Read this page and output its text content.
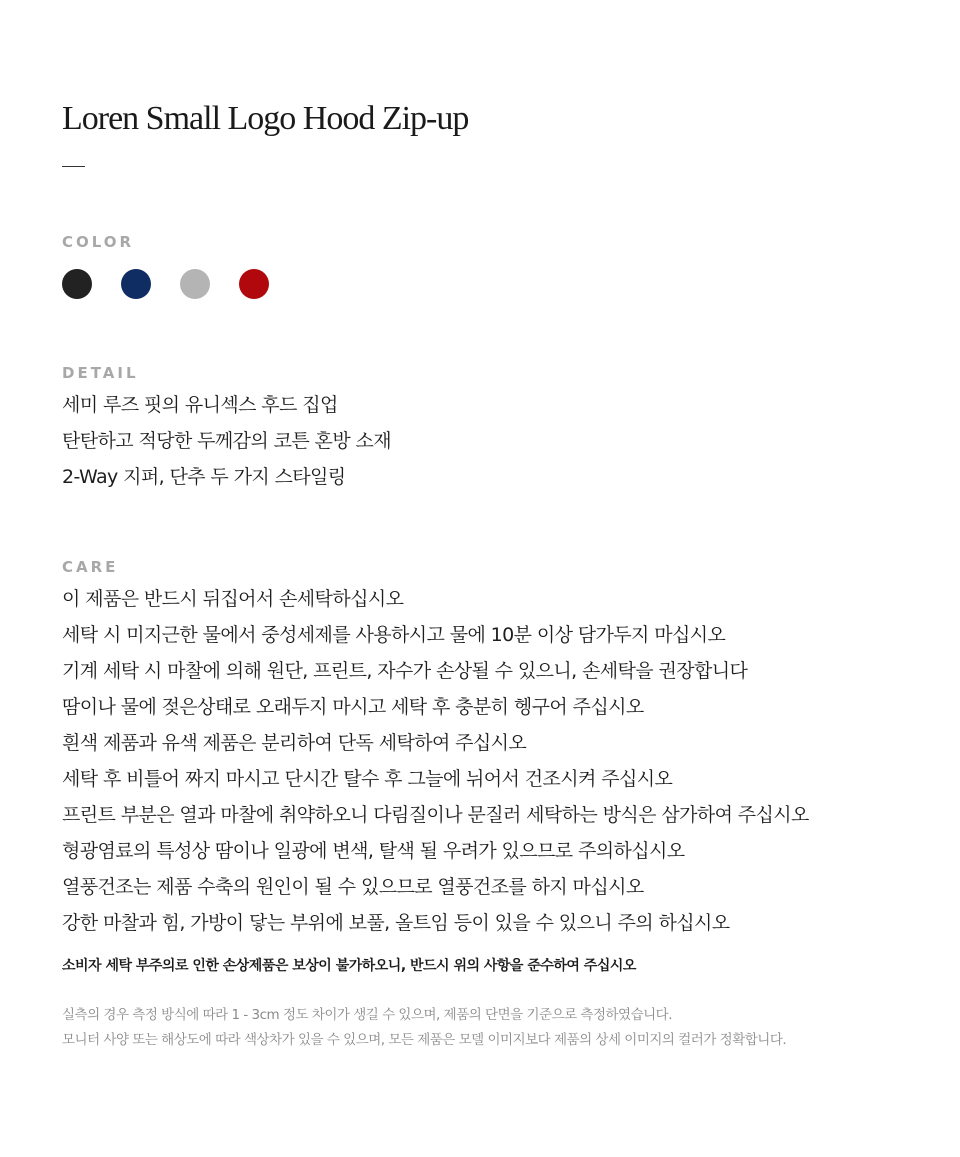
Loren Small Logo Hood Zip-up
COLOR
DETAIL
세미 루즈 핏의 유니섹스 후드 집업
탄탄하고 적당한 두께감의 코튼 혼방 소재
2-Way 지퍼, 단추 두 가지 스타일링
CARE
이 제품은 반드시 뒤집어서 손세탁하십시오
세탁 시 미지근한 물에서 중성세제를 사용하시고 물에 10분 이상 담가두지 마십시오
기계 세탁 시 마찰에 의해 원단, 프린트, 자수가 손상될 수 있으니, 손세탁을 권장합니다
땀이나 물에 젖은상태로 오래두지 마시고 세탁 후 충분히 헹구어 주십시오
흰색 제품과 유색 제품은 분리하여 단독 세탁하여 주십시오
세탁 후 비틀어 짜지 마시고 단시간 탈수 후 그늘에 뉘어서 건조시켜 주십시오
프린트 부분은 열과 마찰에 취약하오니 다림질이나 문질러 세탁하는 방식은 삼가하여 주십시오
형광염료의 특성상 땀이나 일광에 변색, 탈색 될 우려가 있으므로 주의하십시오
열풍건조는 제품 수축의 원인이 될 수 있으므로 열풍건조를 하지 마십시오
강한 마찰과 힘, 가방이 닿는 부위에 보풀, 올트임 등이 있을 수 있으니 주의 하십시오

소비자 세탁 부주의로 인한 손상제품은 보상이 불가하오니, 반드시 위의 사항을 준수하여 주십시오

실측의 경우 측정 방식에 따라 1 - 3cm 정도 차이가 생길 수 있으며, 제품의 단면을 기준으로 측정하였습니다.
모니터 사양 또는 해상도에 따라 색상차가 있을 수 있으며, 모든 제품은 모델 이미지보다 제품의 상세 이미지의 컬러가 정확합니다.
